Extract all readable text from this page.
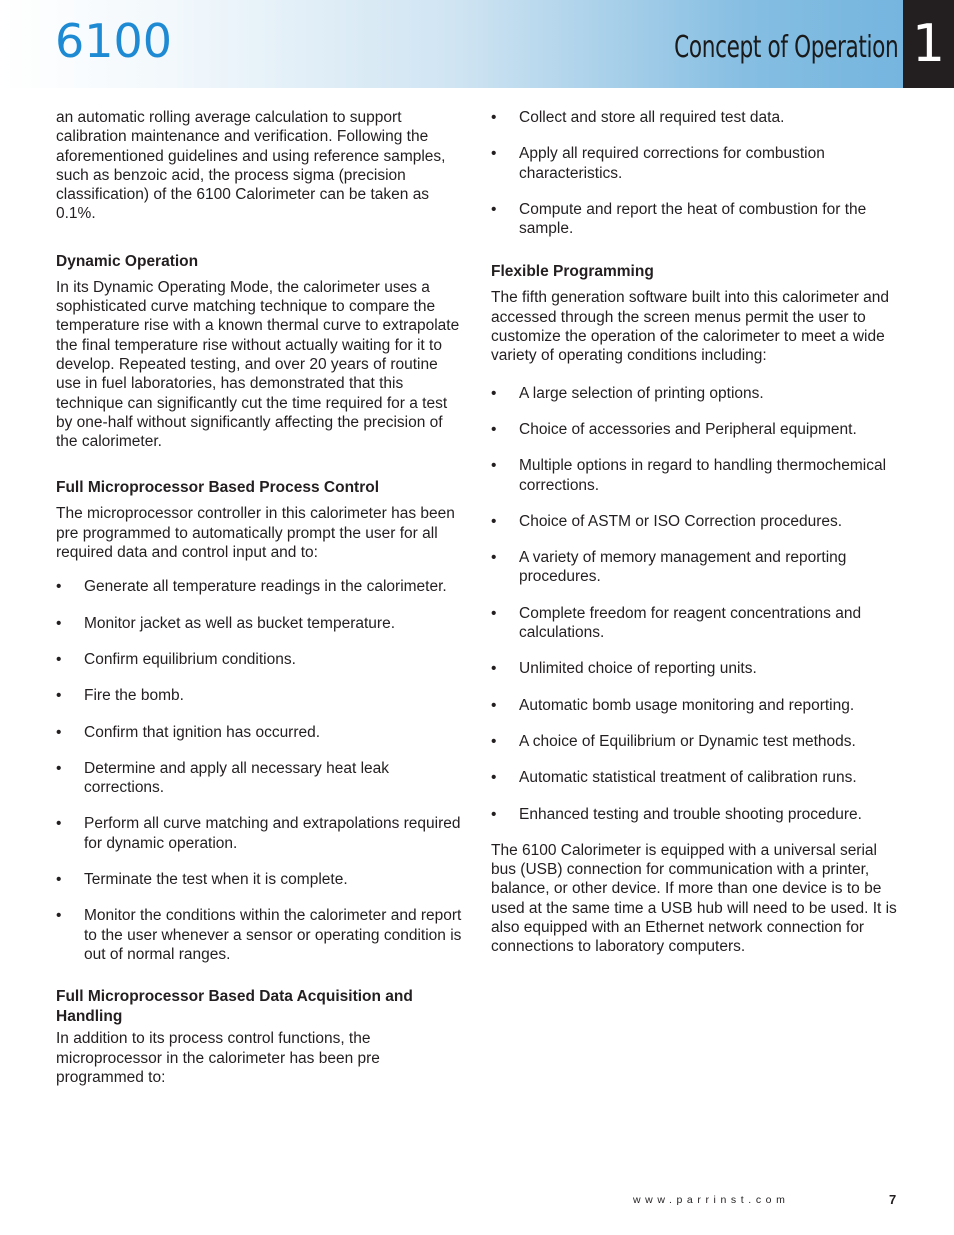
6100	Concept of Operation 1

an automatic rolling average calculation to support calibration maintenance and verification. Following the aforementioned guidelines and using reference samples, such as benzoic acid, the process sigma (precision classification) of the 6100 Calorimeter can be taken as 0.1%.

Dynamic Operation

In its Dynamic Operating Mode, the calorimeter uses a sophisticated curve matching technique to compare the temperature rise with a known thermal curve to extrapolate the final temperature rise without actually waiting for it to develop. Repeated testing, and over 20 years of routine use in fuel laboratories, has demonstrated that this technique can significantly cut the time required for a test by one-half without significantly affecting the precision of the calorimeter.

Full Microprocessor Based Process Control

The microprocessor controller in this calorimeter has been pre programmed to automatically prompt the user for all required data and control input and to:

• Generate all temperature readings in the calorimeter.
• Monitor jacket as well as bucket temperature.
• Confirm equilibrium conditions.
• Fire the bomb.
• Confirm that ignition has occurred.
• Determine and apply all necessary heat leak corrections.
• Perform all curve matching and extrapolations required for dynamic operation.
• Terminate the test when it is complete.
• Monitor the conditions within the calorimeter and report to the user whenever a sensor or operating condition is out of normal ranges.
Full Microprocessor Based Data Acquisition and Handling

In addition to its process control functions, the microprocessor in the calorimeter has been pre programmed to:

• Collect and store all required test data.
• Apply all required corrections for combustion characteristics.
• Compute and report the heat of combustion for the sample.
Flexible Programming

The fifth generation software built into this calorimeter and accessed through the screen menus permit the user to customize the operation of the calorimeter to meet a wide variety of operating conditions including:

• A large selection of printing options.
• Choice of accessories and Peripheral equipment.
• Multiple options in regard to handling thermochemical corrections.
• Choice of ASTM or ISO Correction procedures.
• A variety of memory management and reporting procedures.
• Complete freedom for reagent concentrations and calculations.
• Unlimited choice of reporting units.
• Automatic bomb usage monitoring and reporting.
• A choice of Equilibrium or Dynamic test methods.
• Automatic statistical treatment of calibration runs.
• Enhanced testing and trouble shooting procedure.

The 6100 Calorimeter is equipped with a universal serial bus (USB) connection for communication with a printer, balance, or other device. If more than one device is to be used at the same time a USB hub will need to be used. It is also equipped with an Ethernet network connection for connections to laboratory computers.

www.parrinst.com	7
